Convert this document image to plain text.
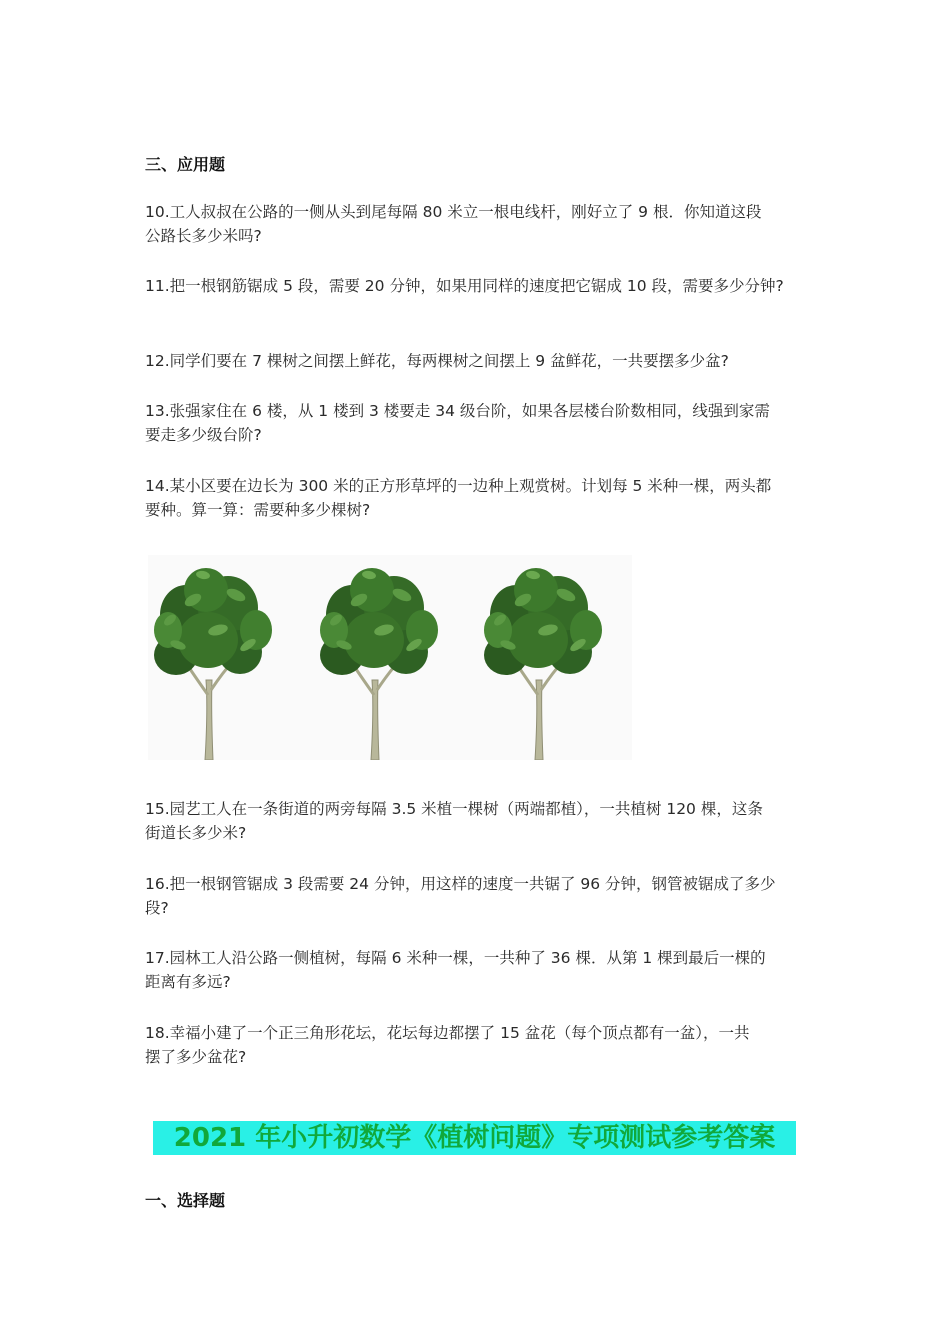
三、应用题
10.工人叔叔在公路的一侧从头到尾每隔 80 米立一根电线杆，刚好立了 9 根．你知道这段
公路长多少米吗?
11.把一根钢筋锯成 5 段，需要 20 分钟，如果用同样的速度把它锯成 10 段，需要多少分钟?
12.同学们要在 7 棵树之间摆上鲜花，每两棵树之间摆上 9 盆鲜花，一共要摆多少盆?
13.张强家住在 6 楼，从 1 楼到 3 楼要走 34 级台阶，如果各层楼台阶数相同，线强到家需
要走多少级台阶?
14.某小区要在边长为 300 米的正方形草坪的一边种上观赏树。计划每 5 米种一棵，两头都
要种。算一算：需要种多少棵树?
15.园艺工人在一条街道的两旁每隔 3.5 米植一棵树（两端都植），一共植树 120 棵，这条
街道长多少米?
16.把一根钢管锯成 3 段需要 24 分钟，用这样的速度一共锯了 96 分钟，钢管被锯成了多少
段?
17.园林工人沿公路一侧植树，每隔 6 米种一棵，一共种了 36 棵．从第 1 棵到最后一棵的
距离有多远?
18.幸福小建了一个正三角形花坛，花坛每边都摆了 15 盆花（每个顶点都有一盆），一共
摆了多少盆花?
2021 年小升初数学《植树问题》专项测试参考答案
一、选择题
